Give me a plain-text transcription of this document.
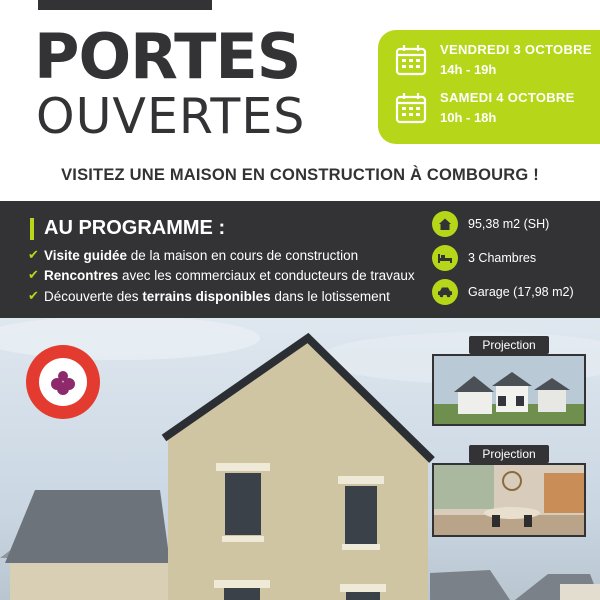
PORTES
OUVERTES
VENDREDI 3 OCTOBRE
14h - 19h
SAMEDI 4 OCTOBRE
10h - 18h
VISITEZ UNE MAISON EN CONSTRUCTION À COMBOURG !
AU PROGRAMME :
✔ Visite guidée de la maison en cours de construction
✔ Rencontres avec les commerciaux et conducteurs de travaux
✔ Découverte des terrains disponibles dans le lotissement
95,38 m2 (SH)
3 Chambres
Garage (17,98 m2)
Projection
Projection
